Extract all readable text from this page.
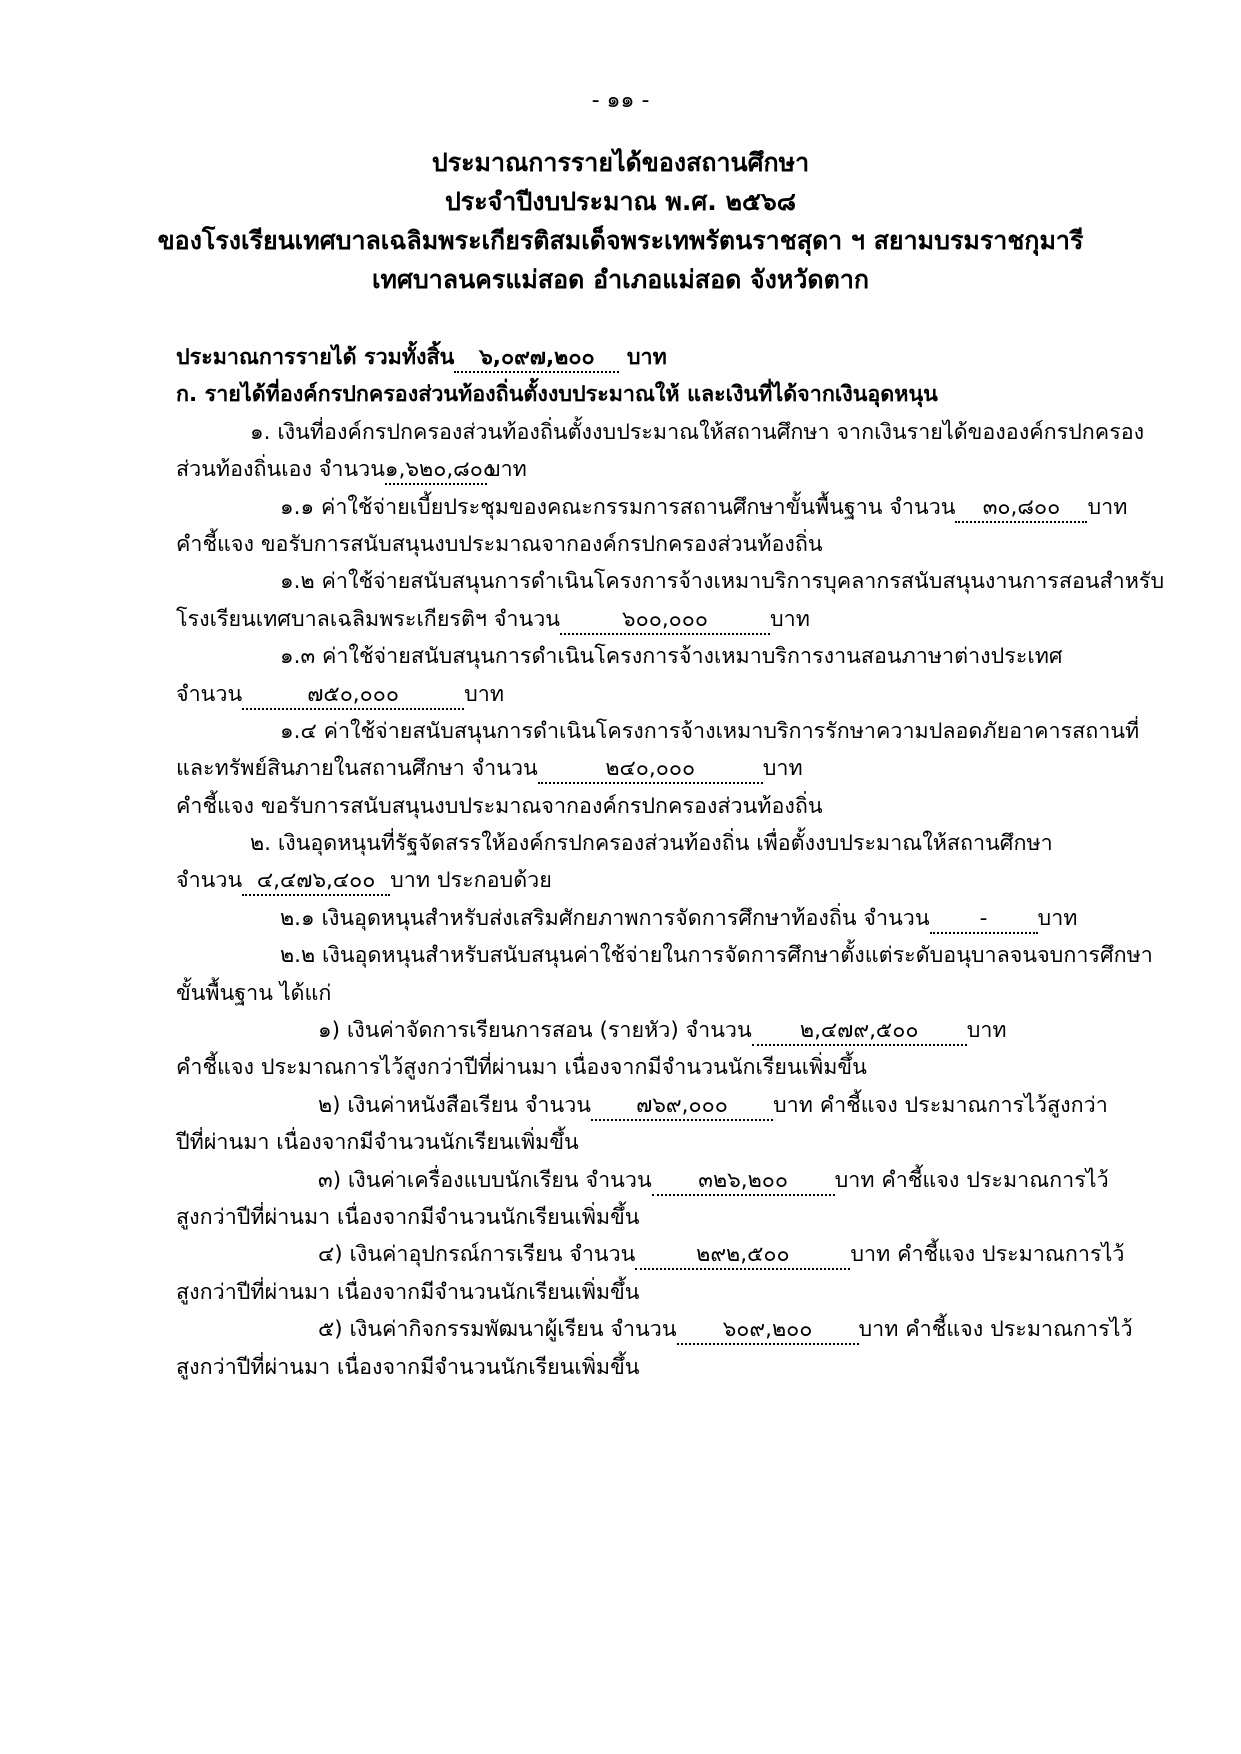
- ๑๑ -
ประมาณการรายได้ของสถานศึกษา
ประจำปีงบประมาณ พ.ศ. ๒๕๖๘
ของโรงเรียนเทศบาลเฉลิมพระเกียรติสมเด็จพระเทพรัตนราชสุดา ฯ สยามบรมราชกุมารี
เทศบาลนครแม่สอด อำเภอแม่สอด จังหวัดตาก
ประมาณการรายได้ รวมทั้งสิ้น ๖,๐๙๗,๒๐๐ บาท
ก. รายได้ที่องค์กรปกครองส่วนท้องถิ่นตั้งงบประมาณให้ และเงินที่ได้จากเงินอุดหนุน
๑. เงินที่องค์กรปกครองส่วนท้องถิ่นตั้งงบประมาณให้สถานศึกษา จากเงินรายได้ขององค์กรปกครอง
ส่วนท้องถิ่นเอง จำนวน๑,๖๒๐,๘๐๐บาท
๑.๑ ค่าใช้จ่ายเบี้ยประชุมของคณะกรรมการสถานศึกษาขั้นพื้นฐาน จำนวน ๓๐,๘๐๐ บาท
คำชี้แจง ขอรับการสนับสนุนงบประมาณจากองค์กรปกครองส่วนท้องถิ่น
๑.๒ ค่าใช้จ่ายสนับสนุนการดำเนินโครงการจ้างเหมาบริการบุคลากรสนับสนุนงานการสอนสำหรับ
โรงเรียนเทศบาลเฉลิมพระเกียรติฯ จำนวน	๖๐๐,๐๐๐	บาท
๑.๓ ค่าใช้จ่ายสนับสนุนการดำเนินโครงการจ้างเหมาบริการงานสอนภาษาต่างประเทศ
จำนวน	๗๕๐,๐๐๐	บาท
๑.๔ ค่าใช้จ่ายสนับสนุนการดำเนินโครงการจ้างเหมาบริการรักษาความปลอดภัยอาคารสถานที่
และทรัพย์สินภายในสถานศึกษา จำนวน	๒๔๐,๐๐๐	บาท
คำชี้แจง ขอรับการสนับสนุนงบประมาณจากองค์กรปกครองส่วนท้องถิ่น
๒. เงินอุดหนุนที่รัฐจัดสรรให้องค์กรปกครองส่วนท้องถิ่น เพื่อตั้งงบประมาณให้สถานศึกษา
จำนวน ๔,๔๗๖,๔๐๐ บาท ประกอบด้วย
๒.๑ เงินอุดหนุนสำหรับส่งเสริมศักยภาพการจัดการศึกษาท้องถิ่น จำนวน - บาท
๒.๒ เงินอุดหนุนสำหรับสนับสนุนค่าใช้จ่ายในการจัดการศึกษาตั้งแต่ระดับอนุบาลจนจบการศึกษา
ขั้นพื้นฐาน ได้แก่
๑) เงินค่าจัดการเรียนการสอน (รายหัว) จำนวน ๒,๔๗๙,๕๐๐ บาท
คำชี้แจง ประมาณการไว้สูงกว่าปีที่ผ่านมา เนื่องจากมีจำนวนนักเรียนเพิ่มขึ้น
๒) เงินค่าหนังสือเรียน จำนวน ๗๖๙,๐๐๐ บาท คำชี้แจง ประมาณการไว้สูงกว่า
ปีที่ผ่านมา เนื่องจากมีจำนวนนักเรียนเพิ่มขึ้น
๓) เงินค่าเครื่องแบบนักเรียน จำนวน ๓๒๖,๒๐๐ บาท คำชี้แจง ประมาณการไว้
สูงกว่าปีที่ผ่านมา เนื่องจากมีจำนวนนักเรียนเพิ่มขึ้น
๔) เงินค่าอุปกรณ์การเรียน จำนวน	๒๙๒,๕๐๐	บาท คำชี้แจง ประมาณการไว้
สูงกว่าปีที่ผ่านมา เนื่องจากมีจำนวนนักเรียนเพิ่มขึ้น
๕) เงินค่ากิจกรรมพัฒนาผู้เรียน จำนวน ๖๐๙,๒๐๐ บาท คำชี้แจง ประมาณการไว้
สูงกว่าปีที่ผ่านมา เนื่องจากมีจำนวนนักเรียนเพิ่มขึ้น
